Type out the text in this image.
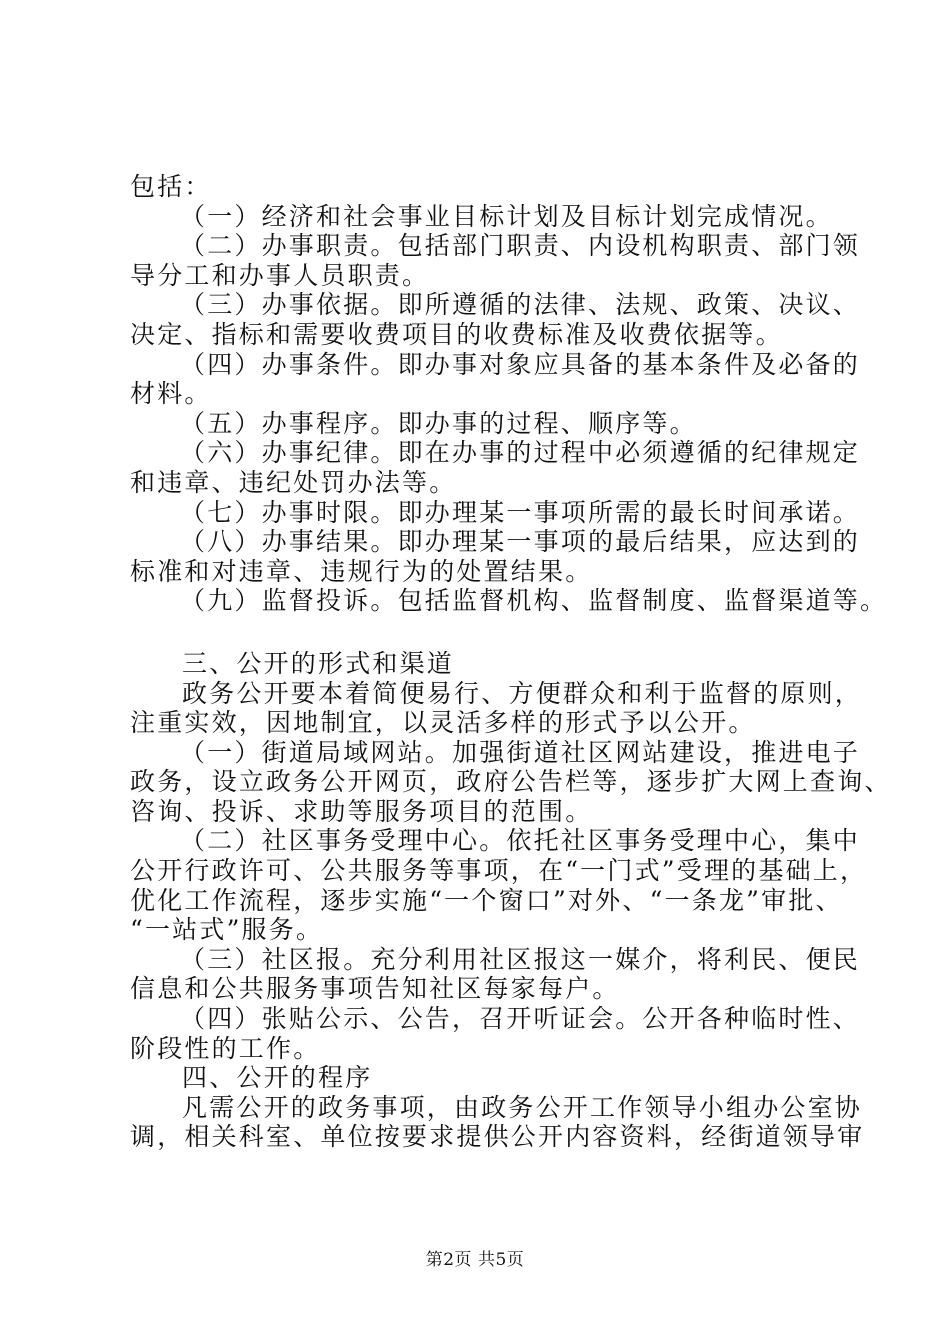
包括：
（一）经济和社会事业目标计划及目标计划完成情况。
（二）办事职责。包括部门职责、内设机构职责、部门领
导分工和办事人员职责。
（三）办事依据。即所遵循的法律、法规、政策、决议、
决定、指标和需要收费项目的收费标准及收费依据等。
（四）办事条件。即办事对象应具备的基本条件及必备的
材料。
（五）办事程序。即办事的过程、顺序等。
（六）办事纪律。即在办事的过程中必须遵循的纪律规定
和违章、违纪处罚办法等。
（七）办事时限。即办理某一事项所需的最长时间承诺。
（八）办事结果。即办理某一事项的最后结果，应达到的
标准和对违章、违规行为的处置结果。
（九）监督投诉。包括监督机构、监督制度、监督渠道等。
三、公开的形式和渠道
政务公开要本着简便易行、方便群众和利于监督的原则，
注重实效，因地制宜，以灵活多样的形式予以公开。
（一）街道局域网站。加强街道社区网站建设，推进电子
政务，设立政务公开网页，政府公告栏等，逐步扩大网上查询、
咨询、投诉、求助等服务项目的范围。
（二）社区事务受理中心。依托社区事务受理中心，集中
公开行政许可、公共服务等事项，在“一门式”受理的基础上，
优化工作流程，逐步实施“一个窗口”对外、“一条龙”审批、
“一站式”服务。
（三）社区报。充分利用社区报这一媒介，将利民、便民
信息和公共服务事项告知社区每家每户。
（四）张贴公示、公告，召开听证会。公开各种临时性、
阶段性的工作。
四、公开的程序
凡需公开的政务事项，由政务公开工作领导小组办公室协
调，相关科室、单位按要求提供公开内容资料，经街道领导审
第2页 共5页
